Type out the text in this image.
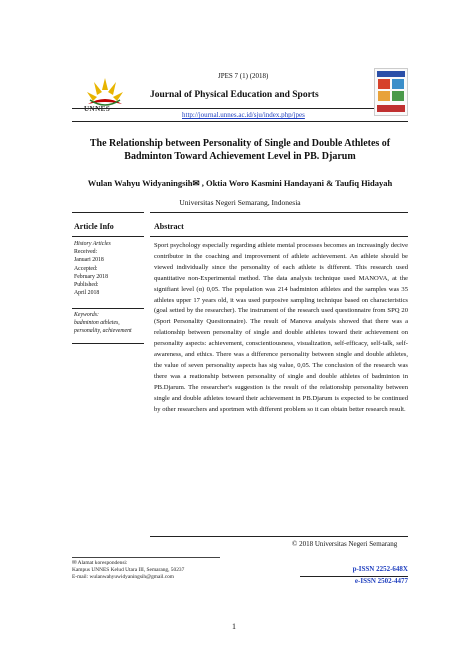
JPES 7 (1) (2018)
Journal of Physical Education and Sports
http://journal.unnes.ac.id/sju/index.php/jpes
The Relationship between Personality of Single and Double Athletes of
Badminton Toward Achievement Level in PB. Djarum
Wulan Wahyu Widyaningsih✉ , Oktia Woro Kasmini Handayani & Taufiq Hidayah
Universitas Negeri Semarang, Indonesia
Article Info
History Articles
Received:
Januari 2018
Accepted:
February 2018
Published:
April 2018
Keywords:
badminton athletes,
personality, achievement
Abstract
Sport psychology especially regarding athlete mental processes becomes an increasingly decive contributor in the coaching and improvement of athlete achievement. An athlete should be viewed individually since the personality of each athlete is different. This research used quantitative non-Experimental method. The data analysis technique used MANOVA, at the signifiant level (α) 0,05. The population was 214 badminton athletes and the samples was 35 athletes upper 17 years old, it was used purposive sampling technique based on characteristics (goal setted by the researcher). The instrument of the research used questionnaire from SPQ 20 (Sport Personality Quesitonnaire). The result of Manova analysis showed that there was a relationship between personality of single and double athletes toward their achievement on personality aspects: achievement, conscientiousness, visualization, self-efficacy, self-talk, self-awareness, and ethics. There was a difference personality between single and double athletes, the value of seven personality aspects has sig value, 0,05. The conclusion of the research was there was a reationship between personality of single and double athletes of badminton in PB.Djarum. The researcher's suggestion is the result of the relationship personality between single and double athletes toward their achievement in PB.Djarum is expected to be continued by other researchers and sportmen with different problem so it can obtain better research result.
© 2018 Universitas Negeri Semarang
✉ Alamat korespondensi:
Kampus UNNES Kelud Utara III, Semarang, 50237
E-mail: wulanwahyuwidyaningsih@gmail.com
p-ISSN 2252-648X
e-ISSN 2502-4477
1
